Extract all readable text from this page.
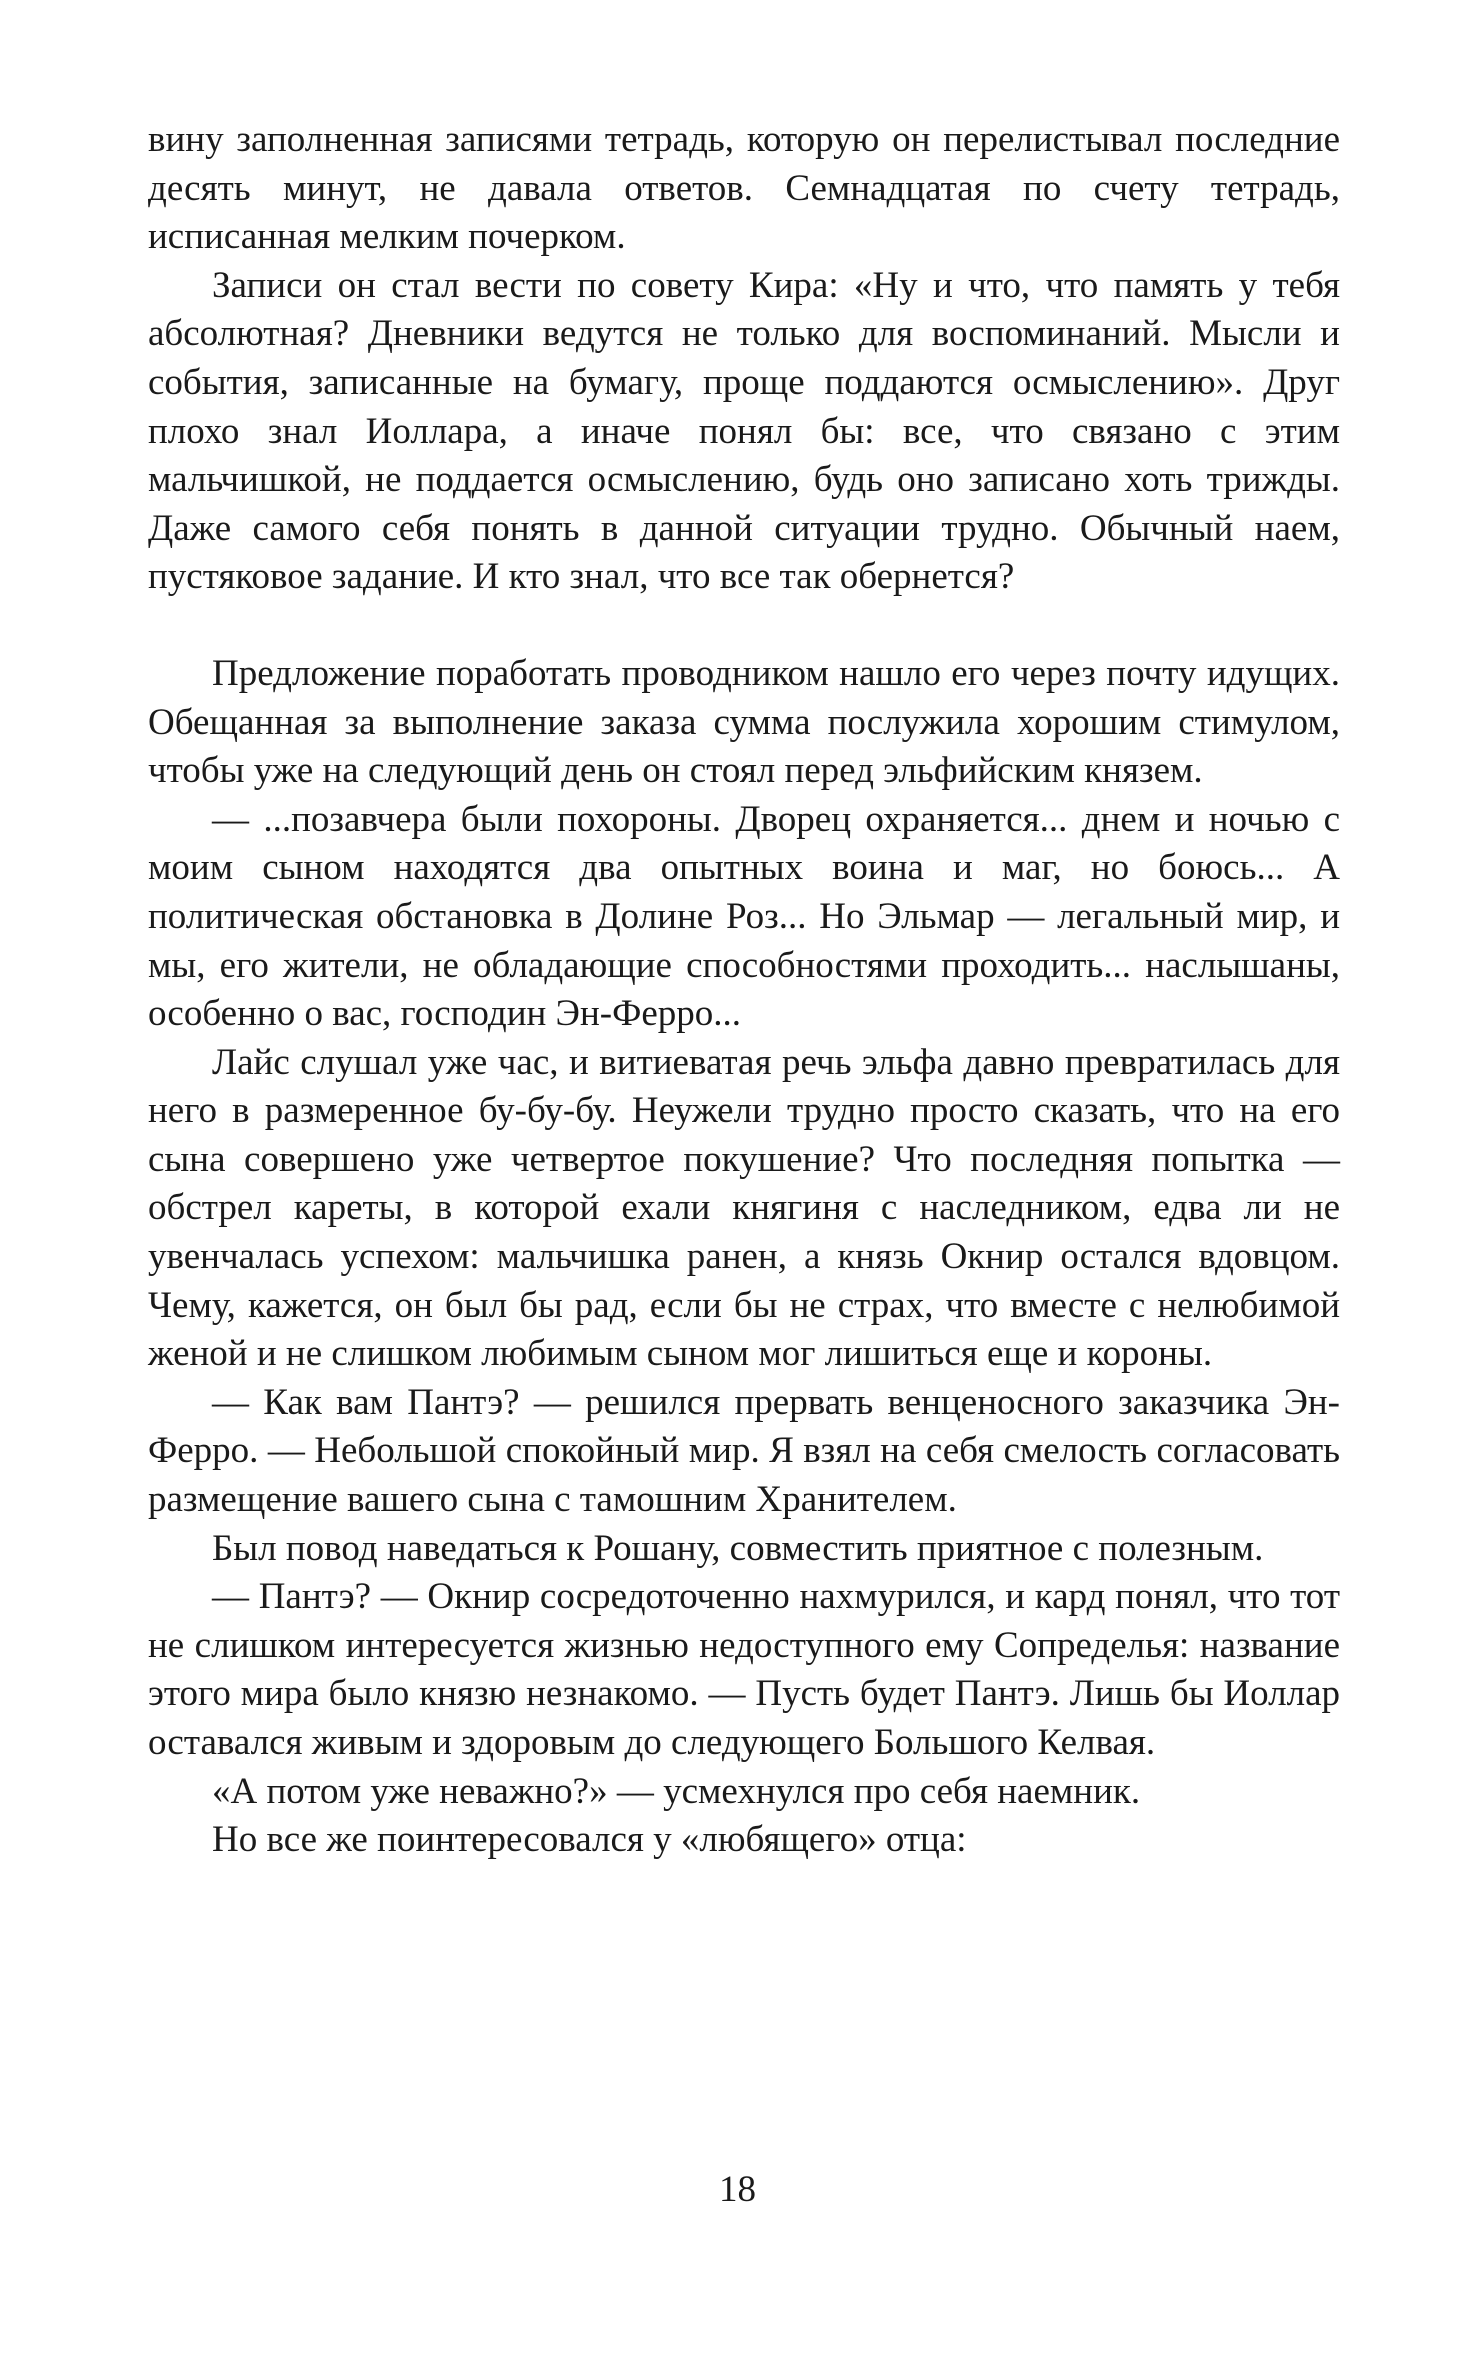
вину заполненная записями тетрадь, которую он перелистывал последние десять минут, не давала ответов. Семнадцатая по счету тетрадь, исписанная мелким почерком.

Записи он стал вести по совету Кира: «Ну и что, что память у тебя абсолютная? Дневники ведутся не только для воспоминаний. Мысли и события, записанные на бумагу, проще поддаются осмыслению». Друг плохо знал Иоллара, а иначе понял бы: все, что связано с этим мальчишкой, не поддается осмыслению, будь оно записано хоть трижды. Даже самого себя понять в данной ситуации трудно. Обычный наем, пустяковое задание. И кто знал, что все так обернется?

Предложение поработать проводником нашло его через почту идущих. Обещанная за выполнение заказа сумма послужила хорошим стимулом, чтобы уже на следующий день он стоял перед эльфийским князем.

— ...позавчера были похороны. Дворец охраняется... днем и ночью с моим сыном находятся два опытных воина и маг, но боюсь... А политическая обстановка в Долине Роз... Но Эльмар — легальный мир, и мы, его жители, не обладающие способностями проходить... наслышаны, особенно о вас, господин Эн-Ферро...

Лайс слушал уже час, и витиеватая речь эльфа давно превратилась для него в размеренное бу-бу-бу. Неужели трудно просто сказать, что на его сына совершено уже четвертое покушение? Что последняя попытка — обстрел кареты, в которой ехали княгиня с наследником, едва ли не увенчалась успехом: мальчишка ранен, а князь Окнир остался вдовцом. Чему, кажется, он был бы рад, если бы не страх, что вместе с нелюбимой женой и не слишком любимым сыном мог лишиться еще и короны.

— Как вам Пантэ? — решился прервать венценосного заказчика Эн-Ферро. — Небольшой спокойный мир. Я взял на себя смелость согласовать размещение вашего сына с тамошним Хранителем.

Был повод наведаться к Рошану, совместить приятное с полезным.

— Пантэ? — Окнир сосредоточенно нахмурился, и кард понял, что тот не слишком интересуется жизнью недоступного ему Сопределья: название этого мира было князю незнакомо. — Пусть будет Пантэ. Лишь бы Иоллар оставался живым и здоровым до следующего Большого Келвая.

«А потом уже неважно?» — усмехнулся про себя наемник.

Но все же поинтересовался у «любящего» отца:

18
